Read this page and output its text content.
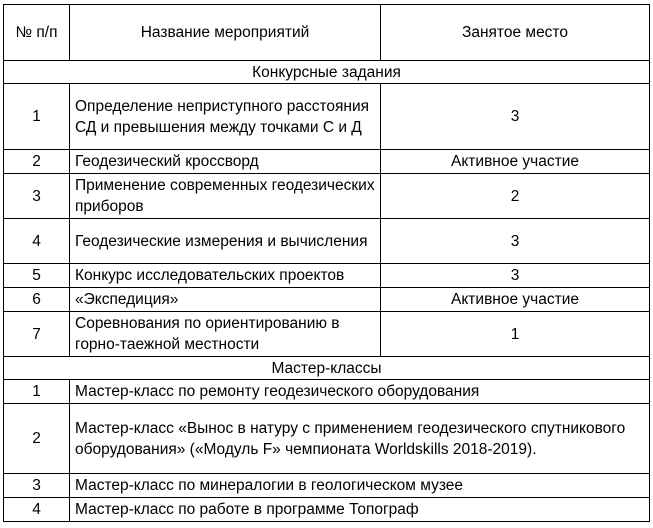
№ п/п	Название мероприятий	Занятое место
Конкурсные задания		
1	Определение неприступного расстояния СД и превышения между точками С и Д	3
2	Геодезический кроссворд	Активное участие
3	Применение современных геодезических приборов	2
4	Геодезические измерения и вычисления	3
5	Конкурс исследовательских проектов	3
6	«Экспедиция»	Активное участие
7	Соревнования по ориентированию в горно-таежной местности	1
Мастер-классы		
1	Мастер-класс по ремонту геодезического оборудования	
2	Мастер-класс «Вынос в натуру с применением геодезического спутникового оборудования» («Модуль F» чемпионата Worldskills 2018-2019).	
3	Мастер-класс по минералогии в геологическом музее	
4	Мастер-класс по работе в программе Топограф	
